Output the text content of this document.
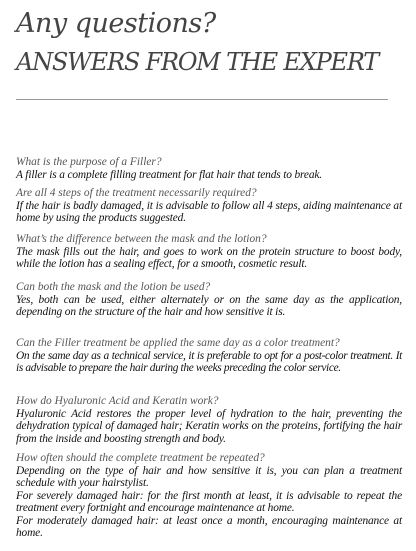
Any questions?
ANSWERS FROM THE EXPERT
What is the purpose of a Filler?

A filler is a complete filling treatment for flat hair that tends to break.

Are all 4 steps of the treatment necessarily required?

If the hair is badly damaged, it is advisable to follow all 4 steps, aiding maintenance at home by using the products suggested.

What’s the difference between the mask and the lotion?

The mask fills out the hair, and goes to work on the protein structure to boost body, while the lotion has a sealing effect, for a smooth, cosmetic result.

Can both the mask and the lotion be used?

Yes, both can be used, either alternately or on the same day as the application, depending on the structure of the hair and how sensitive it is.

Can the Filler treatment be applied the same day as a color treatment?

On the same day as a technical service, it is preferable to opt for a post-color treatment. It is advisable to prepare the hair during the weeks preceding the color service.

How do Hyaluronic Acid and Keratin work?

Hyaluronic Acid restores the proper level of hydration to the hair, preventing the dehydration typical of damaged hair; Keratin works on the proteins, fortifying the hair from the inside and boosting strength and body.

How often should the complete treatment be repeated?

Depending on the type of hair and how sensitive it is, you can plan a treatment schedule with your hairstylist.

For severely damaged hair: for the first month at least, it is advisable to repeat the treatment every fortnight and encourage maintenance at home.

For moderately damaged hair: at least once a month, encouraging maintenance at home.
